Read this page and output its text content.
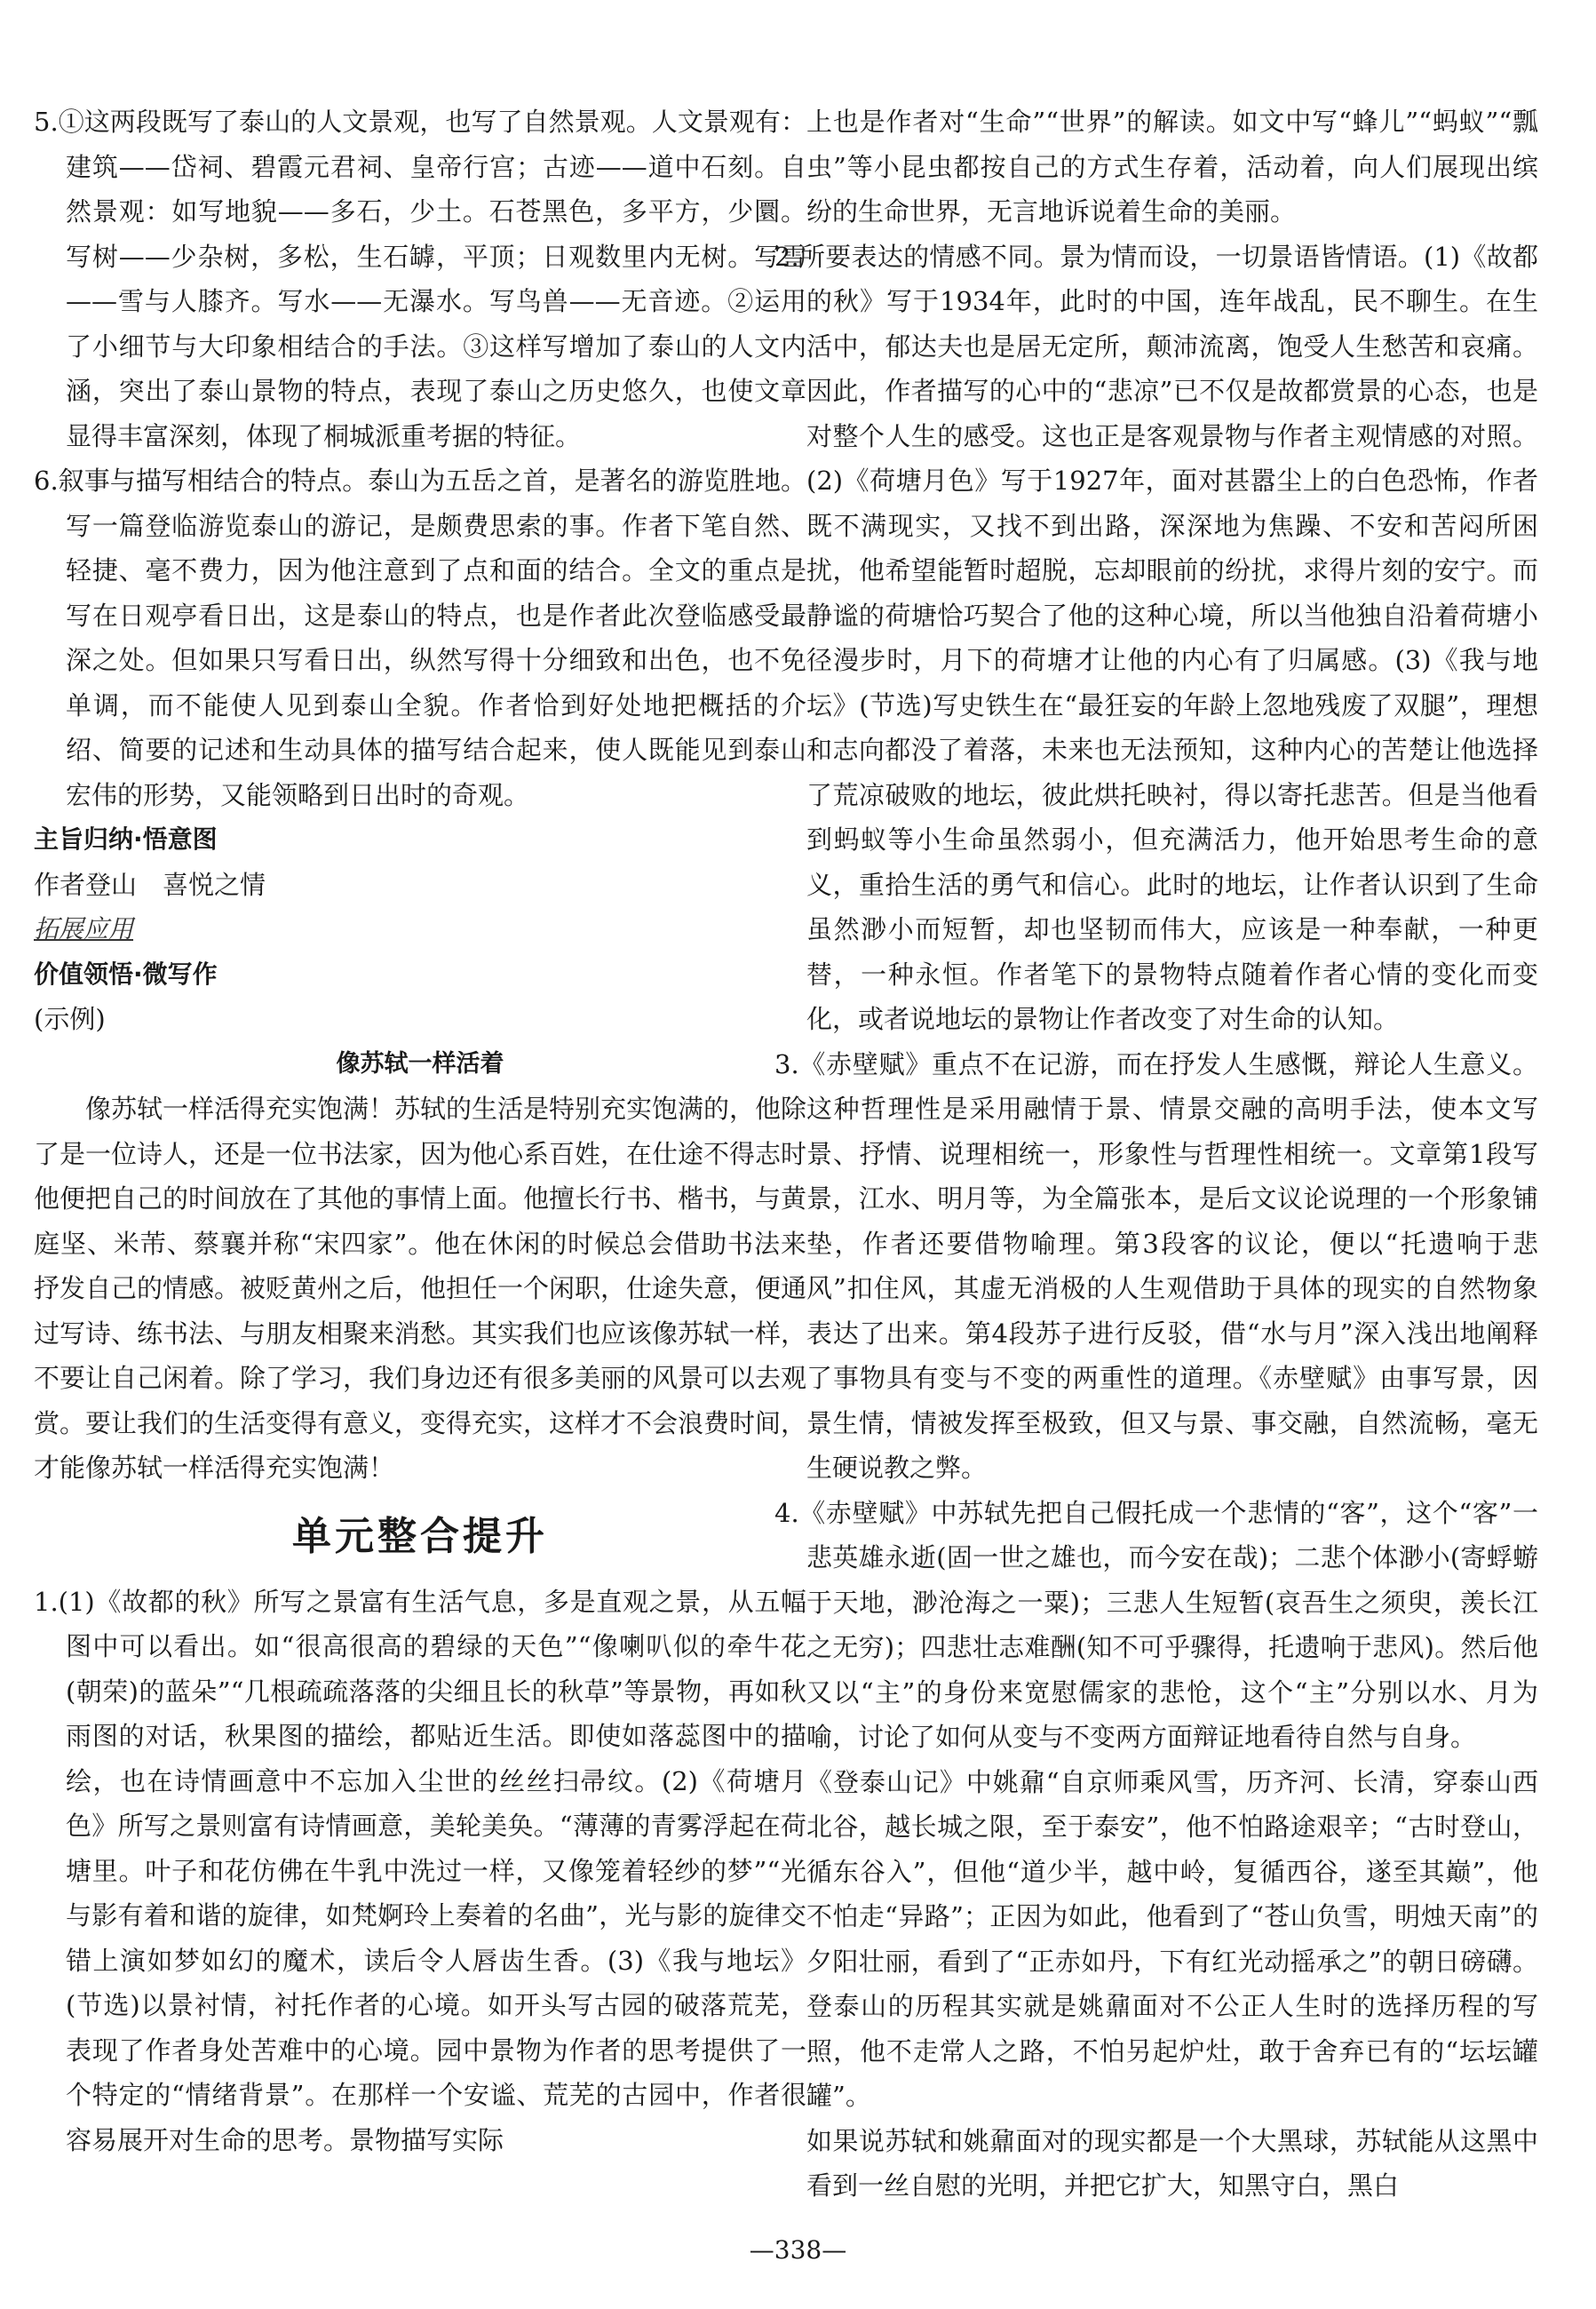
5.①这两段既写了泰山的人文景观，也写了自然景观。人文景观有：建筑——岱祠、碧霞元君祠、皇帝行宫；古迹——道中石刻。自然景观：如写地貌——多石，少土。石苍黑色，多平方，少圜。写树——少杂树，多松，生石罅，平顶；日观数里内无树。写雪——雪与人膝齐。写水——无瀑水。写鸟兽——无音迹。②运用了小细节与大印象相结合的手法。③这样写增加了泰山的人文内涵，突出了泰山景物的特点，表现了泰山之历史悠久，也使文章显得丰富深刻，体现了桐城派重考据的特征。

6.叙事与描写相结合的特点。泰山为五岳之首，是著名的游览胜地。写一篇登临游览泰山的游记，是颇费思索的事。作者下笔自然、轻捷、毫不费力，因为他注意到了点和面的结合。全文的重点是写在日观亭看日出，这是泰山的特点，也是作者此次登临感受最深之处。但如果只写看日出，纵然写得十分细致和出色，也不免单调，而不能使人见到泰山全貌。作者恰到好处地把概括的介绍、简要的记述和生动具体的描写结合起来，使人既能见到泰山宏伟的形势，又能领略到日出时的奇观。

主旨归纳·悟意图

作者登山　喜悦之情

拓展应用

价值领悟·微写作

(示例)

像苏轼一样活着

像苏轼一样活得充实饱满！苏轼的生活是特别充实饱满的，他除了是一位诗人，还是一位书法家，因为他心系百姓，在仕途不得志时他便把自己的时间放在了其他的事情上面。他擅长行书、楷书，与黄庭坚、米芾、蔡襄并称“宋四家”。他在休闲的时候总会借助书法来抒发自己的情感。被贬黄州之后，他担任一个闲职，仕途失意，便通过写诗、练书法、与朋友相聚来消愁。其实我们也应该像苏轼一样，不要让自己闲着。除了学习，我们身边还有很多美丽的风景可以去观赏。要让我们的生活变得有意义，变得充实，这样才不会浪费时间，才能像苏轼一样活得充实饱满！

单元整合提升

1.(1)《故都的秋》所写之景富有生活气息，多是直观之景，从五幅图中可以看出。如“很高很高的碧绿的天色”“像喇叭似的牵牛花(朝荣)的蓝朵”“几根疏疏落落的尖细且长的秋草”等景物，再如秋雨图的对话，秋果图的描绘，都贴近生活。即使如落蕊图中的描绘，也在诗情画意中不忘加入尘世的丝丝扫帚纹。(2)《荷塘月色》所写之景则富有诗情画意，美轮美奂。“薄薄的青雾浮起在荷塘里。叶子和花仿佛在牛乳中洗过一样，又像笼着轻纱的梦”“光与影有着和谐的旋律，如梵婀玲上奏着的名曲”，光与影的旋律交错上演如梦如幻的魔术，读后令人唇齿生香。(3)《我与地坛》(节选)以景衬情，衬托作者的心境。如开头写古园的破落荒芜，表现了作者身处苦难中的心境。园中景物为作者的思考提供了一个特定的“情绪背景”。在那样一个安谧、荒芜的古园中，作者很容易展开对生命的思考。景物描写实际

上也是作者对“生命”“世界”的解读。如文中写“蜂儿”“蚂蚁”“瓢虫”等小昆虫都按自己的方式生存着，活动着，向人们展现出缤纷的生命世界，无言地诉说着生命的美丽。

2.所要表达的情感不同。景为情而设，一切景语皆情语。(1)《故都的秋》写于1934年，此时的中国，连年战乱，民不聊生。在生活中，郁达夫也是居无定所，颠沛流离，饱受人生愁苦和哀痛。因此，作者描写的心中的“悲凉”已不仅是故都赏景的心态，也是对整个人生的感受。这也正是客观景物与作者主观情感的对照。(2)《荷塘月色》写于1927年，面对甚嚣尘上的白色恐怖，作者既不满现实，又找不到出路，深深地为焦躁、不安和苦闷所困扰，他希望能暂时超脱，忘却眼前的纷扰，求得片刻的安宁。而静谧的荷塘恰巧契合了他的这种心境，所以当他独自沿着荷塘小径漫步时，月下的荷塘才让他的内心有了归属感。(3)《我与地坛》(节选)写史铁生在“最狂妄的年龄上忽地残废了双腿”，理想和志向都没了着落，未来也无法预知，这种内心的苦楚让他选择了荒凉破败的地坛，彼此烘托映衬，得以寄托悲苦。但是当他看到蚂蚁等小生命虽然弱小，但充满活力，他开始思考生命的意义，重拾生活的勇气和信心。此时的地坛，让作者认识到了生命虽然渺小而短暂，却也坚韧而伟大，应该是一种奉献，一种更替，一种永恒。作者笔下的景物特点随着作者心情的变化而变化，或者说地坛的景物让作者改变了对生命的认知。

3.《赤壁赋》重点不在记游，而在抒发人生感慨，辩论人生意义。这种哲理性是采用融情于景、情景交融的高明手法，使本文写景、抒情、说理相统一，形象性与哲理性相统一。文章第1段写景，江水、明月等，为全篇张本，是后文议论说理的一个形象铺垫，作者还要借物喻理。第3段客的议论，便以“托遗响于悲风”扣住风，其虚无消极的人生观借助于具体的现实的自然物象表达了出来。第4段苏子进行反驳，借“水与月”深入浅出地阐释了事物具有变与不变的两重性的道理。《赤壁赋》由事写景，因景生情，情被发挥至极致，但又与景、事交融，自然流畅，毫无生硬说教之弊。

4.《赤壁赋》中苏轼先把自己假托成一个悲情的“客”，这个“客”一悲英雄永逝(固一世之雄也，而今安在哉)；二悲个体渺小(寄蜉蝣于天地，渺沧海之一粟)；三悲人生短暂(哀吾生之须臾，羡长江之无穷)；四悲壮志难酬(知不可乎骤得，托遗响于悲风)。然后他又以“主”的身份来宽慰儒家的悲怆，这个“主”分别以水、月为喻，讨论了如何从变与不变两方面辩证地看待自然与自身。

《登泰山记》中姚鼐“自京师乘风雪，历齐河、长清，穿泰山西北谷，越长城之限，至于泰安”，他不怕路途艰辛；“古时登山，循东谷入”，但他“道少半，越中岭，复循西谷，遂至其巅”，他不怕走“异路”；正因为如此，他看到了“苍山负雪，明烛天南”的夕阳壮丽，看到了“正赤如丹，下有红光动摇承之”的朝日磅礴。登泰山的历程其实就是姚鼐面对不公正人生时的选择历程的写照，他不走常人之路，不怕另起炉灶，敢于舍弃已有的“坛坛罐罐”。

如果说苏轼和姚鼐面对的现实都是一个大黑球，苏轼能从这黑中看到一丝自慰的光明，并把它扩大，知黑守白，黑白

—338—
